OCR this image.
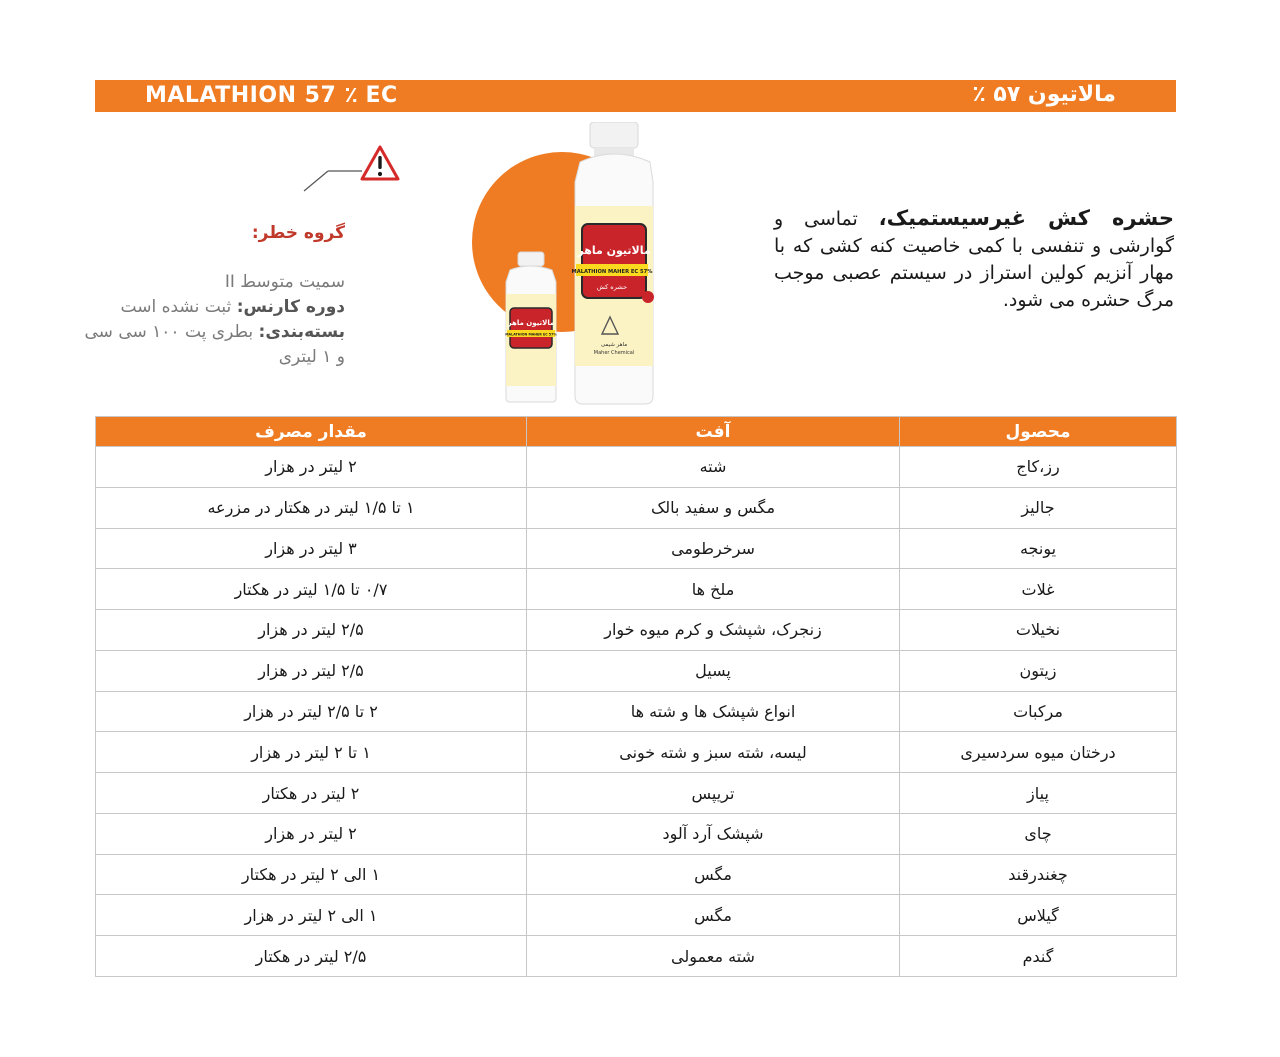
MALATHION 57 ٪ EC	مالاتیون ۵۷ ٪
گروه خطر:
سمیت متوسط II
دوره کارنس: ثبت نشده است
بسته‌بندی: بطری پت ۱۰۰ سی سی و ۱ لیتری
مالاتیون ماهر
MALATHION MAHER EC 57%
حشره کش
ماهر شیمی
Maher Chemical
مالاتیون ماهر
MALATHION MAHER EC 57%
حشره کش غیرسیستمیک، تماسی و گوارشی و تنفسی با کمی خاصیت کنه کشی که با مهار آنزیم کولین استراز در سیستم عصبی موجب مرگ حشره می شود.
محصول	آفت	مقدار مصرف
رز،کاج	شته	۲ لیتر در هزار
جالیز	مگس و سفید بالک	۱ تا ۱/۵ لیتر در هکتار در مزرعه
یونجه	سرخرطومی	۳ لیتر در هزار
غلات	ملخ ها	۰/۷ تا ۱/۵ لیتر در هکتار
نخیلات	زنجرک، شپشک و کرم میوه خوار	۲/۵ لیتر در هزار
زیتون	پسیل	۲/۵ لیتر در هزار
مرکبات	انواع شپشک ها و شته ها	۲ تا ۲/۵ لیتر در هزار
درختان میوه سردسیری	لیسه، شته سبز و شته خونی	۱ تا ۲ لیتر در هزار
پیاز	تریپس	۲ لیتر در هکتار
چای	شپشک آرد آلود	۲ لیتر در هزار
چغندرقند	مگس	۱ الی ۲ لیتر در هکتار
گیلاس	مگس	۱ الی ۲ لیتر در هزار
گندم	شته معمولی	۲/۵ لیتر در هکتار
